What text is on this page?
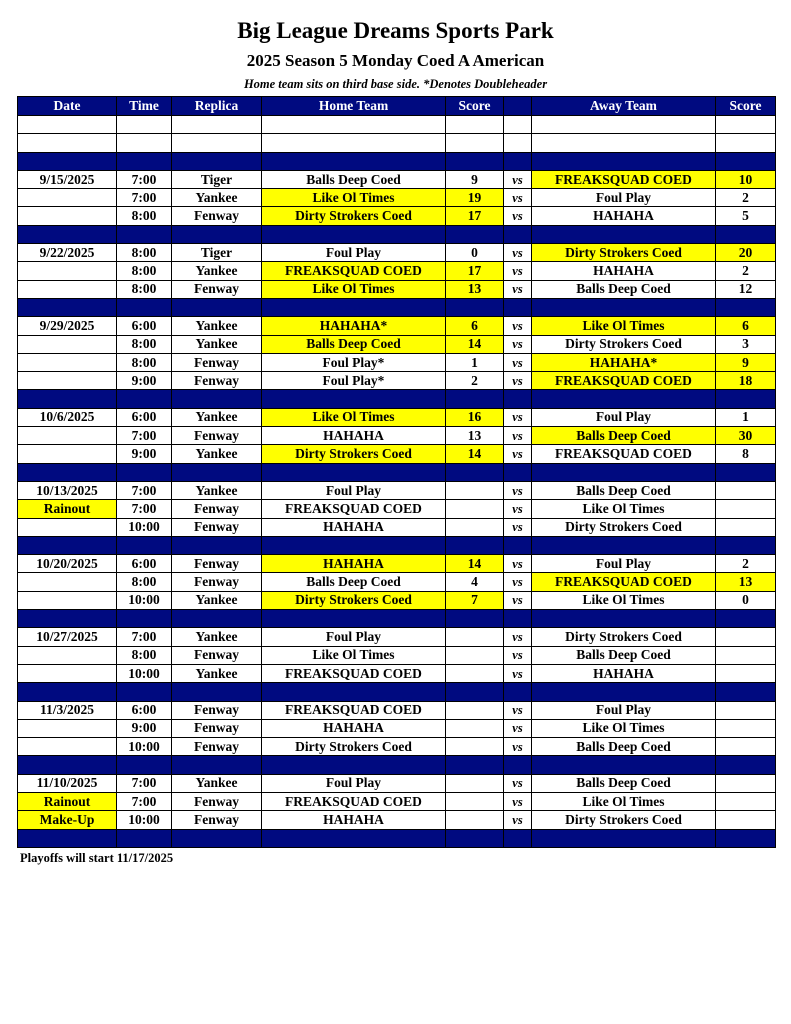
Big League Dreams Sports Park
2025 Season 5 Monday Coed A American
Home team sits on third base side. *Denotes Doubleheader
Date	Time	Replica	Home Team	Score		Away Team	Score

9/15/2025	7:00	Tiger	Balls Deep Coed	9	vs	FREAKSQUAD COED	10
	7:00	Yankee	Like Ol Times	19	vs	Foul Play	2
	8:00	Fenway	Dirty Strokers Coed	17	vs	HAHAHA	5

9/22/2025	8:00	Tiger	Foul Play	0	vs	Dirty Strokers Coed	20
	8:00	Yankee	FREAKSQUAD COED	17	vs	HAHAHA	2
	8:00	Fenway	Like Ol Times	13	vs	Balls Deep Coed	12

9/29/2025	6:00	Yankee	HAHAHA*	6	vs	Like Ol Times	6
	8:00	Yankee	Balls Deep Coed	14	vs	Dirty Strokers Coed	3
	8:00	Fenway	Foul Play*	1	vs	HAHAHA*	9
	9:00	Fenway	Foul Play*	2	vs	FREAKSQUAD COED	18

10/6/2025	6:00	Yankee	Like Ol Times	16	vs	Foul Play	1
	7:00	Fenway	HAHAHA	13	vs	Balls Deep Coed	30
	9:00	Yankee	Dirty Strokers Coed	14	vs	FREAKSQUAD COED	8

10/13/2025	7:00	Yankee	Foul Play		vs	Balls Deep Coed	
Rainout	7:00	Fenway	FREAKSQUAD COED		vs	Like Ol Times	
	10:00	Fenway	HAHAHA		vs	Dirty Strokers Coed	

10/20/2025	6:00	Fenway	HAHAHA	14	vs	Foul Play	2
	8:00	Fenway	Balls Deep Coed	4	vs	FREAKSQUAD COED	13
	10:00	Yankee	Dirty Strokers Coed	7	vs	Like Ol Times	0

10/27/2025	7:00	Yankee	Foul Play		vs	Dirty Strokers Coed	
	8:00	Fenway	Like Ol Times		vs	Balls Deep Coed	
	10:00	Yankee	FREAKSQUAD COED		vs	HAHAHA	

11/3/2025	6:00	Fenway	FREAKSQUAD COED		vs	Foul Play	
	9:00	Fenway	HAHAHA		vs	Like Ol Times	
	10:00	Fenway	Dirty Strokers Coed		vs	Balls Deep Coed	

11/10/2025	7:00	Yankee	Foul Play		vs	Balls Deep Coed	
Rainout	7:00	Fenway	FREAKSQUAD COED		vs	Like Ol Times	
Make-Up	10:00	Fenway	HAHAHA		vs	Dirty Strokers Coed	

Playoffs will start 11/17/2025
